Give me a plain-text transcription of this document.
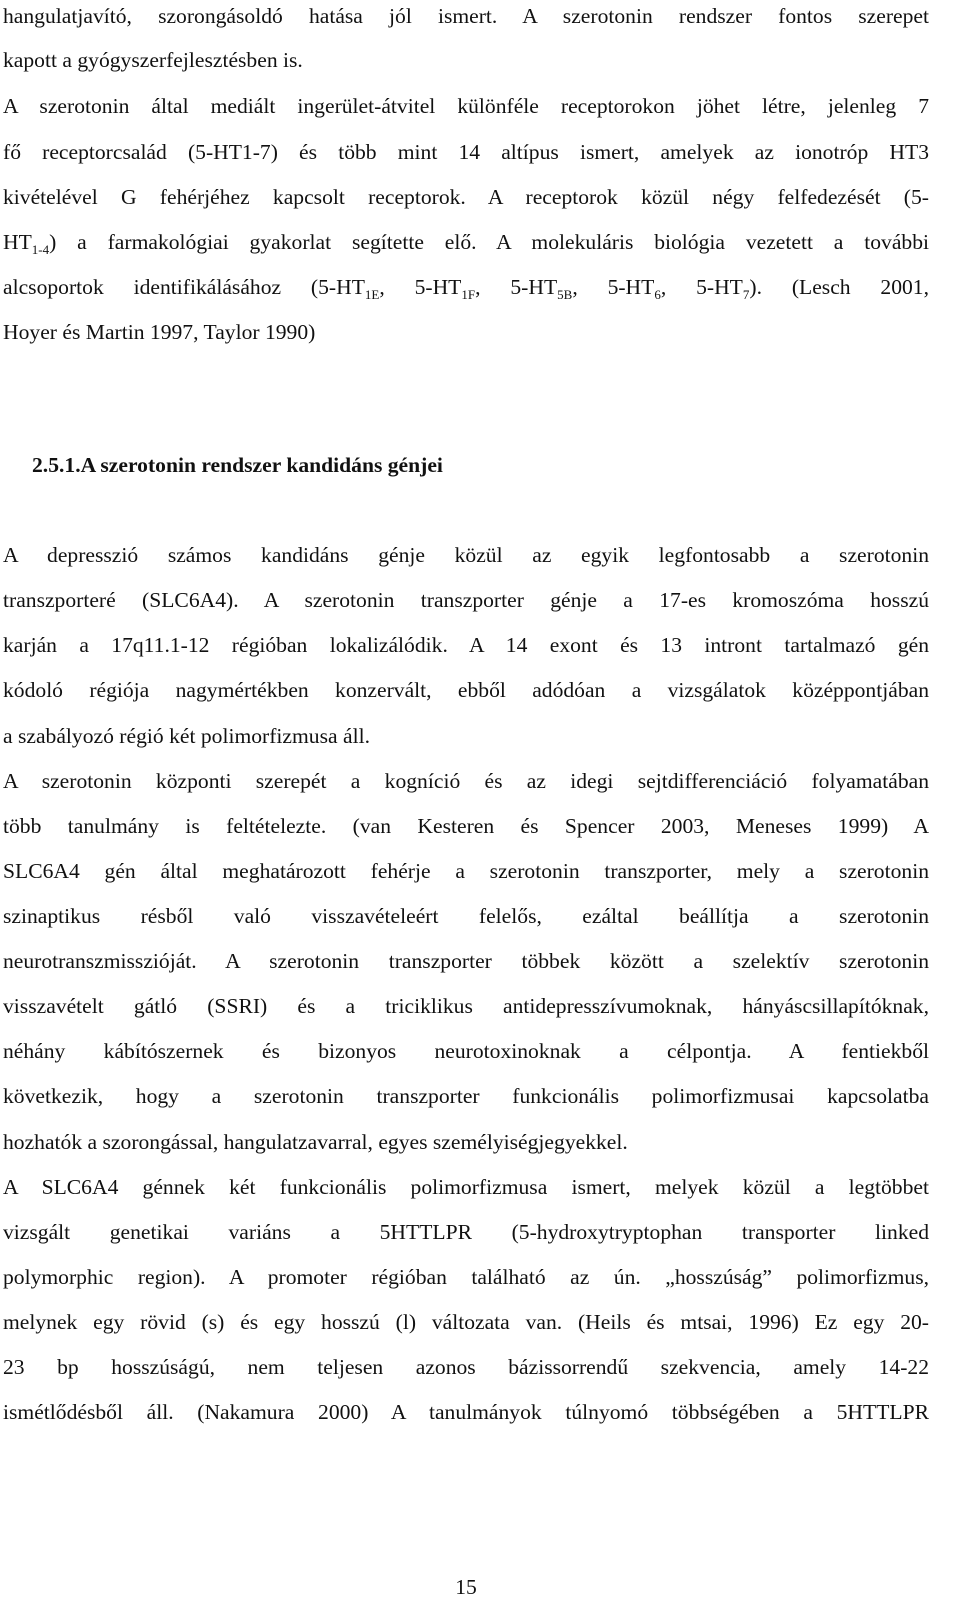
hangulatjavító, szorongásoldó hatása jól ismert. A szerotonin rendszer fontos szerepet
kapott a gyógyszerfejlesztésben is.
A szerotonin által mediált ingerület-átvitel különféle receptorokon jöhet létre, jelenleg 7
fő receptorcsalád (5-HT1-7) és több mint 14 altípus ismert, amelyek az ionotróp HT3
kivételével G fehérjéhez kapcsolt receptorok. A receptorok közül négy felfedezését (5-
$HT_{1-4}$) a farmakológiai gyakorlat segítette elő. A molekuláris biológia vezetett a további
alcsoportok identifikálásához ($5-HT_{1E}$, $5-HT_{1F}$, $5-HT_{5B}$, $5-HT_6$, $5-HT_7$). (Lesch 2001,
Hoyer és Martin 1997, Taylor 1990)
2.5.1.A szerotonin rendszer kandidáns génjei
A depresszió számos kandidáns génje közül az egyik legfontosabb a szerotonin
transzporteré (SLC6A4). A szerotonin transzporter génje a 17-es kromoszóma hosszú
karján a 17q11.1-12 régióban lokalizálódik. A 14 exont és 13 intront tartalmazó gén
kódoló régiója nagymértékben konzervált, ebből adódóan a vizsgálatok középpontjában
a szabályozó régió két polimorfizmusa áll.
A szerotonin központi szerepét a kogníció és az idegi sejtdifferenciáció folyamatában
több tanulmány is feltételezte. (van Kesteren és Spencer 2003, Meneses 1999) A
SLC6A4 gén által meghatározott fehérje a szerotonin transzporter, mely a szerotonin
szinaptikus résből való visszavételeért felelős, ezáltal beállítja a szerotonin
neurotranszmisszióját. A szerotonin transzporter többek között a szelektív szerotonin
visszavételt gátló (SSRI) és a triciklikus antidepresszívumoknak, hányáscsillapítóknak,
néhány kábítószernek és bizonyos neurotoxinoknak a célpontja. A fentiekből
következik, hogy a szerotonin transzporter funkcionális polimorfizmusai kapcsolatba
hozhatók a szorongással, hangulatzavarral, egyes személyiségjegyekkel.
A SLC6A4 génnek két funkcionális polimorfizmusa ismert, melyek közül a legtöbbet
vizsgált genetikai variáns a 5HTTLPR (5-hydroxytryptophan transporter linked
polymorphic region). A promoter régióban található az ún. „hosszúság” polimorfizmus,
melynek egy rövid (s) és egy hosszú (l) változata van. (Heils és mtsai, 1996) Ez egy 20-
23 bp hosszúságú, nem teljesen azonos bázissorrendű szekvencia, amely 14-22
ismétlődésből áll. (Nakamura 2000) A tanulmányok túlnyomó többségében a 5HTTLPR
15
